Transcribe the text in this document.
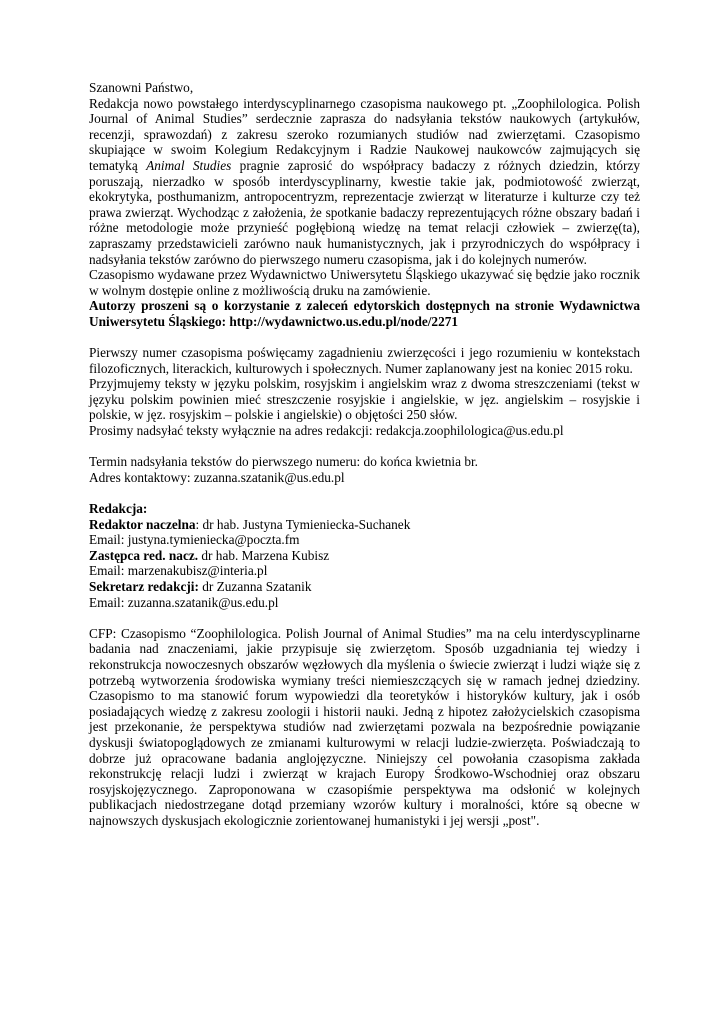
Szanowni Państwo,

Redakcja nowo powstałego interdyscyplinarnego czasopisma naukowego pt. „Zoophilologica. Polish Journal of Animal Studies” serdecznie zaprasza do nadsyłania tekstów naukowych (artykułów, recenzji, sprawozdań) z zakresu szeroko rozumianych studiów nad zwierzętami. Czasopismo skupiające w swoim Kolegium Redakcyjnym i Radzie Naukowej naukowców zajmujących się tematyką Animal Studies pragnie zaprosić do współpracy badaczy z różnych dziedzin, którzy poruszają, nierzadko w sposób interdyscyplinarny, kwestie takie jak, podmiotowość zwierząt, ekokrytyka, posthumanizm, antropocentryzm, reprezentacje zwierząt w literaturze i kulturze czy też prawa zwierząt. Wychodząc z założenia, że spotkanie badaczy reprezentujących różne obszary badań i różne metodologie może przynieść pogłębioną wiedzę na temat relacji człowiek – zwierzę(ta), zapraszamy przedstawicieli zarówno nauk humanistycznych, jak i przyrodniczych do współpracy i nadsyłania tekstów zarówno do pierwszego numeru czasopisma, jak i do kolejnych numerów.

Czasopismo wydawane przez Wydawnictwo Uniwersytetu Śląskiego ukazywać się będzie jako rocznik w wolnym dostępie online z możliwością druku na zamówienie.

Autorzy proszeni są o korzystanie z zaleceń edytorskich dostępnych na stronie Wydawnictwa Uniwersytetu Śląskiego: http://wydawnictwo.us.edu.pl/node/2271

Pierwszy numer czasopisma poświęcamy zagadnieniu zwierzęcości i jego rozumieniu w kontekstach filozoficznych, literackich, kulturowych i społecznych. Numer zaplanowany jest na koniec 2015 roku.

Przyjmujemy teksty w języku polskim, rosyjskim i angielskim wraz z dwoma streszczeniami (tekst w języku polskim powinien mieć streszczenie rosyjskie i angielskie, w jęz. angielskim – rosyjskie i polskie, w jęz. rosyjskim – polskie i angielskie) o objętości 250 słów.

Prosimy nadsyłać teksty wyłącznie na adres redakcji: redakcja.zoophilologica@us.edu.pl

Termin nadsyłania tekstów do pierwszego numeru: do końca kwietnia br.

Adres kontaktowy: zuzanna.szatanik@us.edu.pl

Redakcja:

Redaktor naczelna: dr hab. Justyna Tymieniecka-Suchanek

Email: justyna.tymieniecka@poczta.fm

Zastępca red. nacz. dr hab. Marzena Kubisz

Email: marzenakubisz@interia.pl

Sekretarz redakcji: dr Zuzanna Szatanik

Email: zuzanna.szatanik@us.edu.pl

CFP: Czasopismo “Zoophilologica. Polish Journal of Animal Studies” ma na celu interdyscyplinarne badania nad znaczeniami, jakie przypisuje się zwierzętom. Sposób uzgadniania tej wiedzy i rekonstrukcja nowoczesnych obszarów węzłowych dla myślenia o świecie zwierząt i ludzi wiąże się z potrzebą wytworzenia środowiska wymiany treści niemieszczących się w ramach jednej dziedziny. Czasopismo to ma stanowić forum wypowiedzi dla teoretyków i historyków kultury, jak i osób posiadających wiedzę z zakresu zoologii i historii nauki. Jedną z hipotez założycielskich czasopisma jest przekonanie, że perspektywa studiów nad zwierzętami pozwala na bezpośrednie powiązanie dyskusji światopoglądowych ze zmianami kulturowymi w relacji ludzie-zwierzęta. Poświadczają to dobrze już opracowane badania anglojęzyczne. Niniejszy cel powołania czasopisma zakłada rekonstrukcję relacji ludzi i zwierząt w krajach Europy Środkowo-Wschodniej oraz obszaru rosyjskojęzycznego. Zaproponowana w czasopiśmie perspektywa ma odsłonić w kolejnych publikacjach niedostrzegane dotąd przemiany wzorów kultury i moralności, które są obecne w najnowszych dyskusjach ekologicznie zorientowanej humanistyki i jej wersji „post".
